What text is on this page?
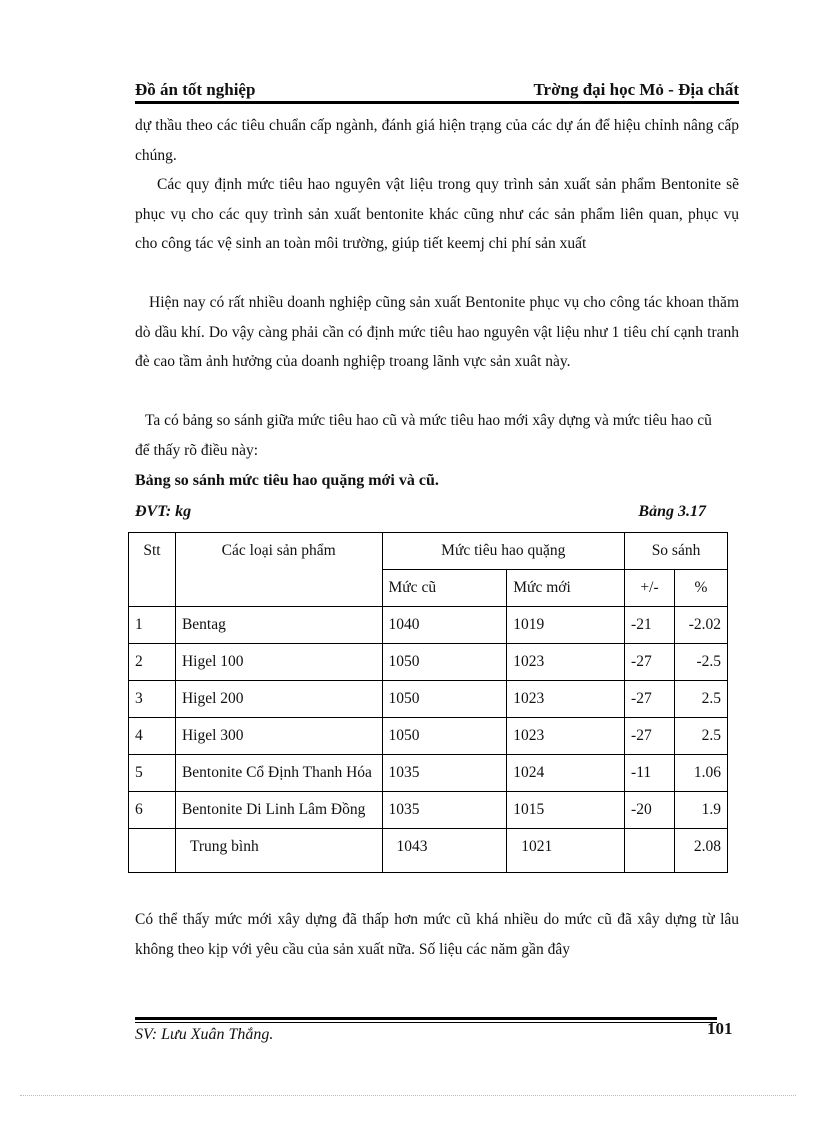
Đồ án tốt nghiệp	Trờng đại học Mỏ - Địa chất

dự thầu theo các tiêu chuẩn cấp ngành, đánh giá hiện trạng của các dự án để hiệu chỉnh nâng cấp chúng.

Các quy định mức tiêu hao nguyên vật liệu trong quy trình sản xuất sản phẩm Bentonite sẽ phục vụ cho các quy trình sản xuất bentonite khác cũng như các sản phẩm liên quan, phục vụ cho công tác vệ sinh an toàn môi trường, giúp tiết keemj chi phí sản xuất

Hiện nay có rất nhiều doanh nghiệp cũng sản xuất Bentonite phục vụ cho công tác khoan thăm dò dầu khí. Do vậy càng phải cần có định mức tiêu hao nguyên vật liệu như 1 tiêu chí cạnh tranh đè cao tầm ảnh hưởng của doanh nghiệp troang lãnh vực sản xuât này.

Ta có bảng so sánh giữa mức tiêu hao cũ và mức tiêu hao mới xây dựng và mức tiêu hao cũ để thấy rõ điều này:

Bảng so sánh mức tiêu hao quặng mới và cũ.
ĐVT: kg	Bảng 3.17
Stt	Các loại sản phẩm	Mức tiêu hao quặng		So sánh	
		Mức cũ	Mức mới	+/-	%
1	Bentag	1040	1019	-21	-2.02
2	Higel 100	1050	1023	-27	-2.5
3	Higel 200	1050	1023	-27	2.5
4	Higel 300	1050	1023	-27	2.5
5	Bentonite Cổ Định Thanh Hóa	1035	1024	-11	1.06
6	Bentonite Di Linh Lâm Đồng	1035	1015	-20	1.9
	Trung bình	1043	1021		2.08

Có thể thấy mức mới xây dựng đã thấp hơn mức cũ khá nhiều do mức cũ đã xây dựng từ lâu không theo kịp với yêu cầu của sản xuất nữa. Số liệu các năm gần đây

SV: Lưu Xuân Thắng.	101
